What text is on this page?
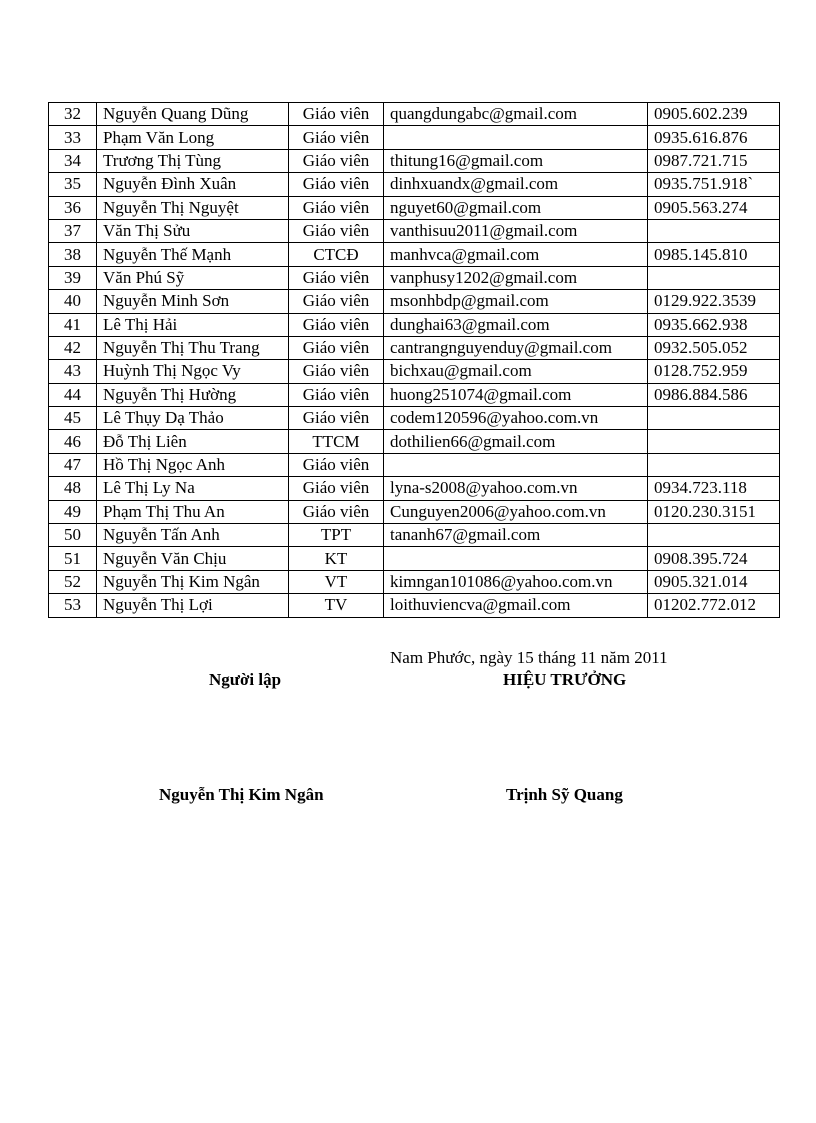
32	Nguyễn Quang Dũng	Giáo viên	quangdungabc@gmail.com	0905.602.239
33	Phạm Văn Long	Giáo viên		0935.616.876
34	Trương Thị Tùng	Giáo viên	thitung16@gmail.com	0987.721.715
35	Nguyễn Đình Xuân	Giáo viên	dinhxuandx@gmail.com	0935.751.918`
36	Nguyễn Thị Nguyệt	Giáo viên	nguyet60@gmail.com	0905.563.274
37	Văn Thị Sửu	Giáo viên	vanthisuu2011@gmail.com	
38	Nguyễn Thế Mạnh	CTCĐ	manhvca@gmail.com	0985.145.810
39	Văn Phú Sỹ	Giáo viên	vanphusy1202@gmail.com	
40	Nguyễn Minh Sơn	Giáo viên	msonhbdp@gmail.com	0129.922.3539
41	Lê Thị Hải	Giáo viên	dunghai63@gmail.com	0935.662.938
42	Nguyễn Thị Thu Trang	Giáo viên	cantrangnguyenduy@gmail.com	0932.505.052
43	Huỳnh Thị Ngọc Vy	Giáo viên	bichxau@gmail.com	0128.752.959
44	Nguyễn Thị Hường	Giáo viên	huong251074@gmail.com	0986.884.586
45	Lê Thụy Dạ Thảo	Giáo viên	codem120596@yahoo.com.vn	
46	Đỗ Thị Liên	TTCM	dothilien66@gmail.com	
47	Hồ Thị Ngọc Anh	Giáo viên		
48	Lê Thị Ly Na	Giáo viên	lyna-s2008@yahoo.com.vn	0934.723.118
49	Phạm Thị Thu An	Giáo viên	Cunguyen2006@yahoo.com.vn	0120.230.3151
50	Nguyễn Tấn Anh	TPT	tananh67@gmail.com	
51	Nguyễn Văn Chịu	KT		0908.395.724
52	Nguyễn Thị Kim Ngân	VT	kimngan101086@yahoo.com.vn	0905.321.014
53	Nguyễn Thị Lợi	TV	loithuviencva@gmail.com	01202.772.012
Nam Phước, ngày 15 tháng 11 năm 2011
Người lập	HIỆU TRƯỞNG
Nguyễn Thị Kim Ngân	Trịnh Sỹ Quang
